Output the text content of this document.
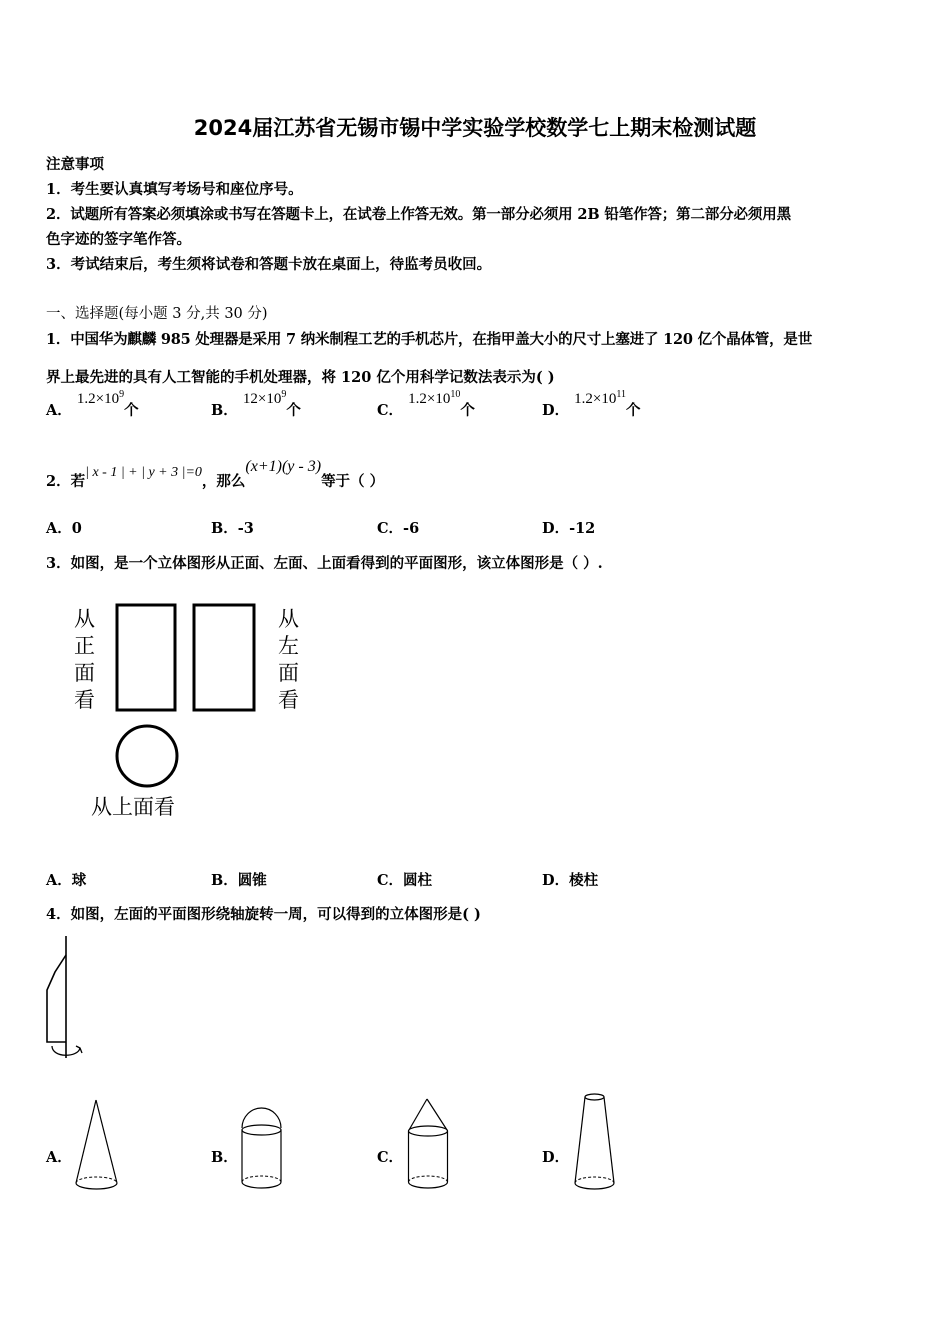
2024届江苏省无锡市锡中学实验学校数学七上期末检测试题
注意事项
1．考生要认真填写考场号和座位序号。
2．试题所有答案必须填涂或书写在答题卡上，在试卷上作答无效。第一部分必须用 2B 铅笔作答；第二部分必须用黑
色字迹的签字笔作答。
3．考试结束后，考生须将试卷和答题卡放在桌面上，待监考员收回。
一、选择题(每小题 3 分,共 30 分)
1．中国华为麒麟 985 处理器是采用 7 纳米制程工艺的手机芯片，在指甲盖大小的尺寸上塞进了 120 亿个晶体管，是世
界上最先进的具有人工智能的手机处理器，将 120 亿个用科学记数法表示为( )
A． $1.2\times 10^9$个	B． $12\times 10^9$个	C． $1.2\times 10^{10}$个	D． $1.2\times 10^{11}$个
2．若| x - 1 | + | y + 3 |=0，那么(x+1)(y - 3)等于（ ）
A．0	B．-3	C．-6	D．-12
3．如图，是一个立体图形从正面、左面、上面看得到的平面图形，该立体图形是（ ）.
从
正
面
看
从
左
面
看
从上面看
A．球	B．圆锥	C．圆柱	D．棱柱
4．如图，左面的平面图形绕轴旋转一周，可以得到的立体图形是( )
A．	B．	C．	D．
